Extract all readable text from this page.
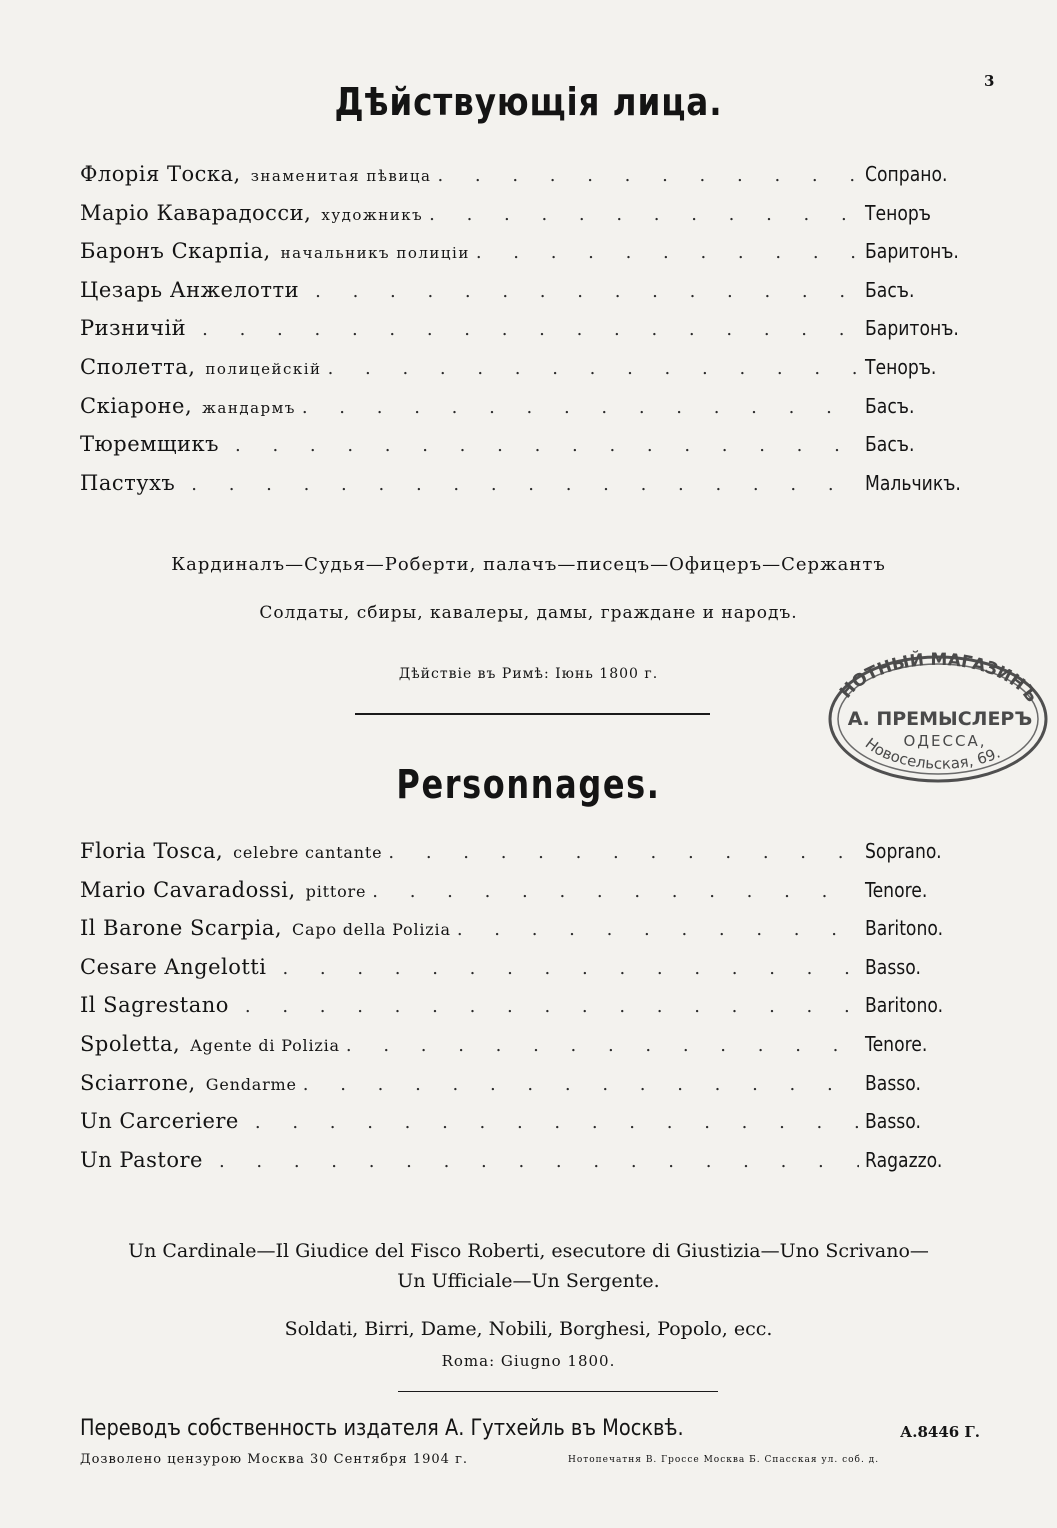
3
Дѣйствующія лица.
Флорія Тоска, знаменитая пѣвица . . .	Сопрано.
Маріо Каварадосси, художникъ . . .	Теноръ
Баронъ Скарпіа, начальникъ полиціи . . .	Баритонъ.
Цезарь Анжелотти . . .	Басъ.
Ризничій . . .	Баритонъ.
Сполетта, полицейскій . . .	Теноръ.
Скіароне, жандармъ . . .	Басъ.
Тюремщикъ . . .	Басъ.
Пастухъ . . .	Мальчикъ.
Кардиналъ—Судья—Роберти, палачъ—писецъ—Офицеръ—Сержантъ
Солдаты, сбиры, кавалеры, дамы, граждане и народъ.
Дѣйствіе въ Римѣ: Іюнь 1800 г.
НОТНЫЙ МАГАЗИНЪ
А. ПРЕМЫСЛЕРЪ
ОДЕССА,
Новосельская, 69.
Personnages.
Floria Tosca, celebre cantante . . .	Soprano.
Mario Cavaradossi, pittore . . .	Tenore.
Il Barone Scarpia, Capo della Polizia . . .	Baritono.
Cesare Angelotti . . .	Basso.
Il Sagrestano . . .	Baritono.
Spoletta, Agente di Polizia . . .	Tenore.
Sciarrone, Gendarme . . .	Basso.
Un Carceriere . . .	Basso.
Un Pastore . . .	Ragazzo.
Un Cardinale—Il Giudice del Fisco Roberti, esecutore di Giustizia—Uno Scrivano—
Un Ufficiale—Un Sergente.
Soldati, Birri, Dame, Nobili, Borghesi, Popolo, ecc.
Roma: Giugno 1800.
Переводъ собственность издателя А. Гутхейль въ Москвѣ.	А.8446 Г.
Дозволено цензурою Москва 30 Сентября 1904 г.	Нотопечатня В. Гроссе Москва Б. Спасская ул. соб. д.
